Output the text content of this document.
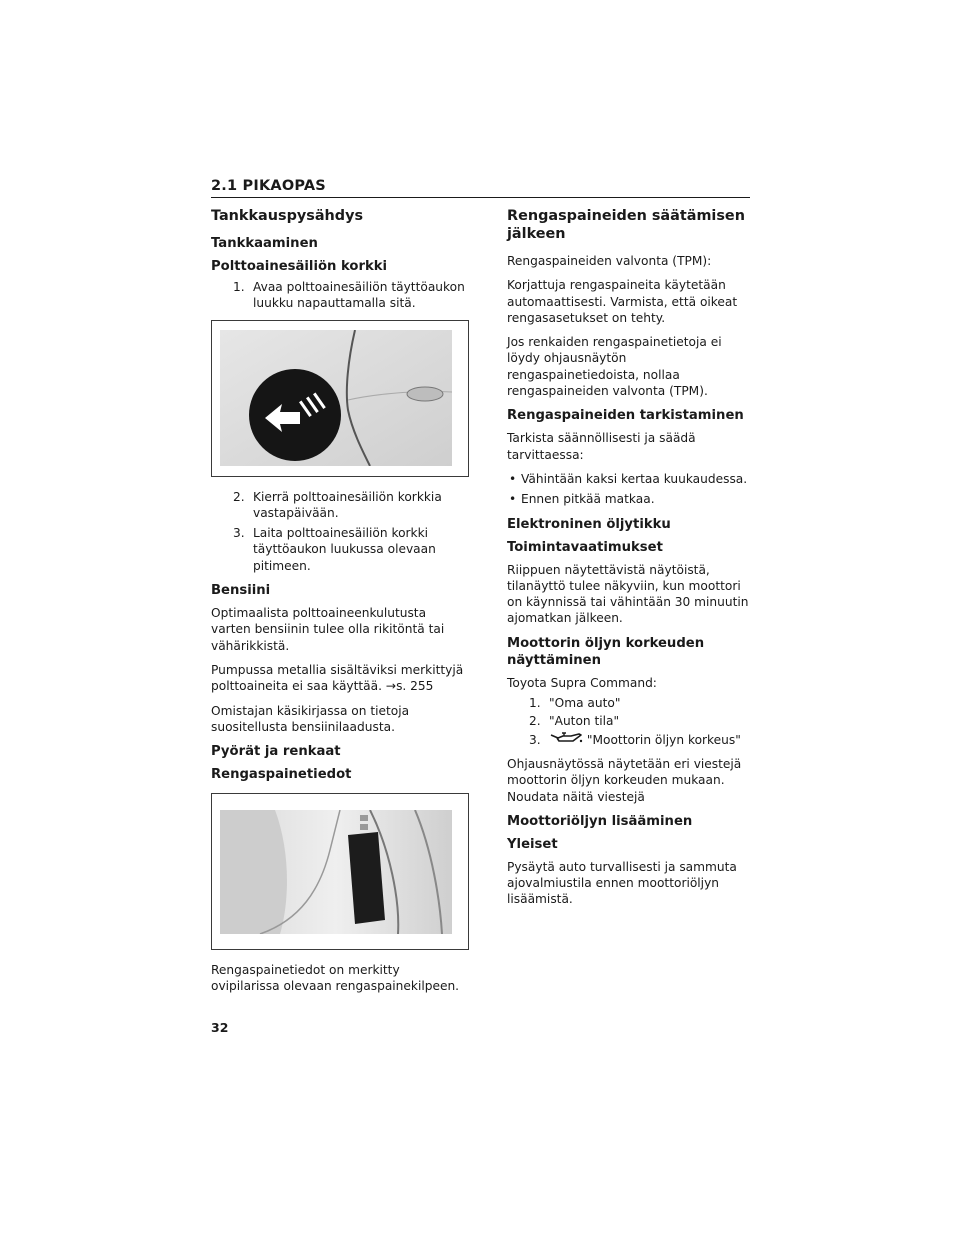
2.1 PIKAOPAS
Tankkauspysähdys
Tankkaaminen
Polttoainesäiliön korkki
1. Avaa polttoainesäiliön täyttöaukon luukku napauttamalla sitä.
2. Kierrä polttoainesäiliön korkkia vastapäivään.
3. Laita polttoainesäiliön korkki täyttöaukon luukussa olevaan pitimeen.
Bensiini

Optimaalista polttoaineenkulutusta varten bensiinin tulee olla rikitöntä tai vähärikkistä.

Pumpussa metallia sisältäviksi merkittyjä polttoaineita ei saa käyttää. →s. 255

Omistajan käsikirjassa on tietoja suositellusta bensiinilaadusta.

Pyörät ja renkaat
Rengaspainetiedot

Rengaspainetiedot on merkitty ovipilarissa olevaan rengaspainekilpeen.

Rengaspaineiden säätämisen jälkeen

Rengaspaineiden valvonta (TPM):

Korjattuja rengaspaineita käytetään automaattisesti. Varmista, että oikeat rengasasetukset on tehty.

Jos renkaiden rengaspainetietoja ei löydy ohjausnäytön rengaspainetiedoista, nollaa rengaspaineiden valvonta (TPM).

Rengaspaineiden tarkistaminen

Tarkista säännöllisesti ja säädä tarvittaessa:

• Vähintään kaksi kertaa kuukaudessa.
• Ennen pitkää matkaa.
Elektroninen öljytikku
Toimintavaatimukset

Riippuen näytettävistä näytöistä, tilanäyttö tulee näkyviin, kun moottori on käynnissä tai vähintään 30 minuutin ajomatkan jälkeen.

Moottorin öljyn korkeuden näyttäminen

Toyota Supra Command:

1. "Oma auto"
2. "Auton tila"
3.	"Moottorin öljyn korkeus"

Ohjausnäytössä näytetään eri viestejä moottorin öljyn korkeuden mukaan. Noudata näitä viestejä

Moottoriöljyn lisääminen
Yleiset

Pysäytä auto turvallisesti ja sammuta ajovalmiustila ennen moottoriöljyn lisäämistä.

32
